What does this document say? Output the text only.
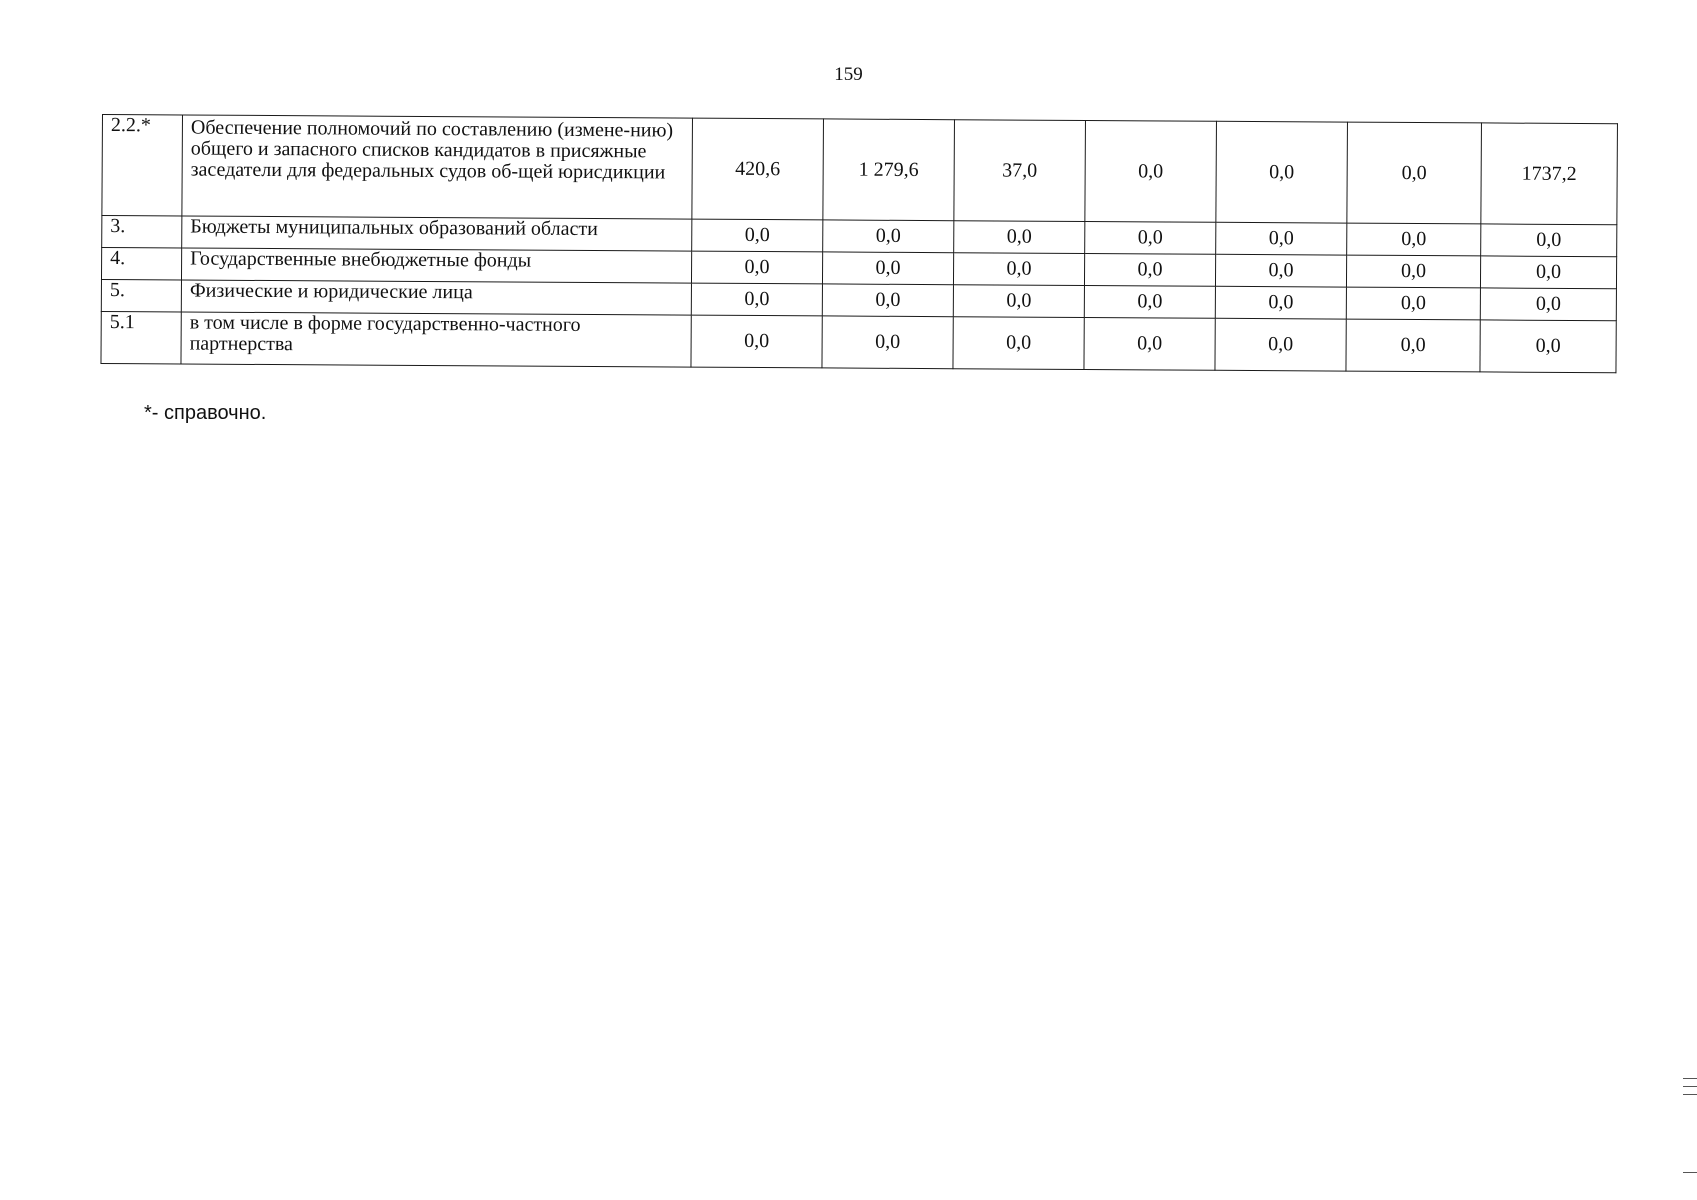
159
2.2.*	Обеспечение полномочий по составлению (измене-нию) общего и запасного списков кандидатов в присяжные заседатели для федеральных судов об-щей юрисдикции	420,6	1 279,6	37,0	0,0	0,0	0,0	1737,2
3.	Бюджеты муниципальных образований области	0,0	0,0	0,0	0,0	0,0	0,0	0,0
4.	Государственные внебюджетные фонды	0,0	0,0	0,0	0,0	0,0	0,0	0,0
5.	Физические и юридические лица	0,0	0,0	0,0	0,0	0,0	0,0	0,0
5.1	в том числе в форме государственно-частного партнерства	0,0	0,0	0,0	0,0	0,0	0,0	0,0
*- справочно.
